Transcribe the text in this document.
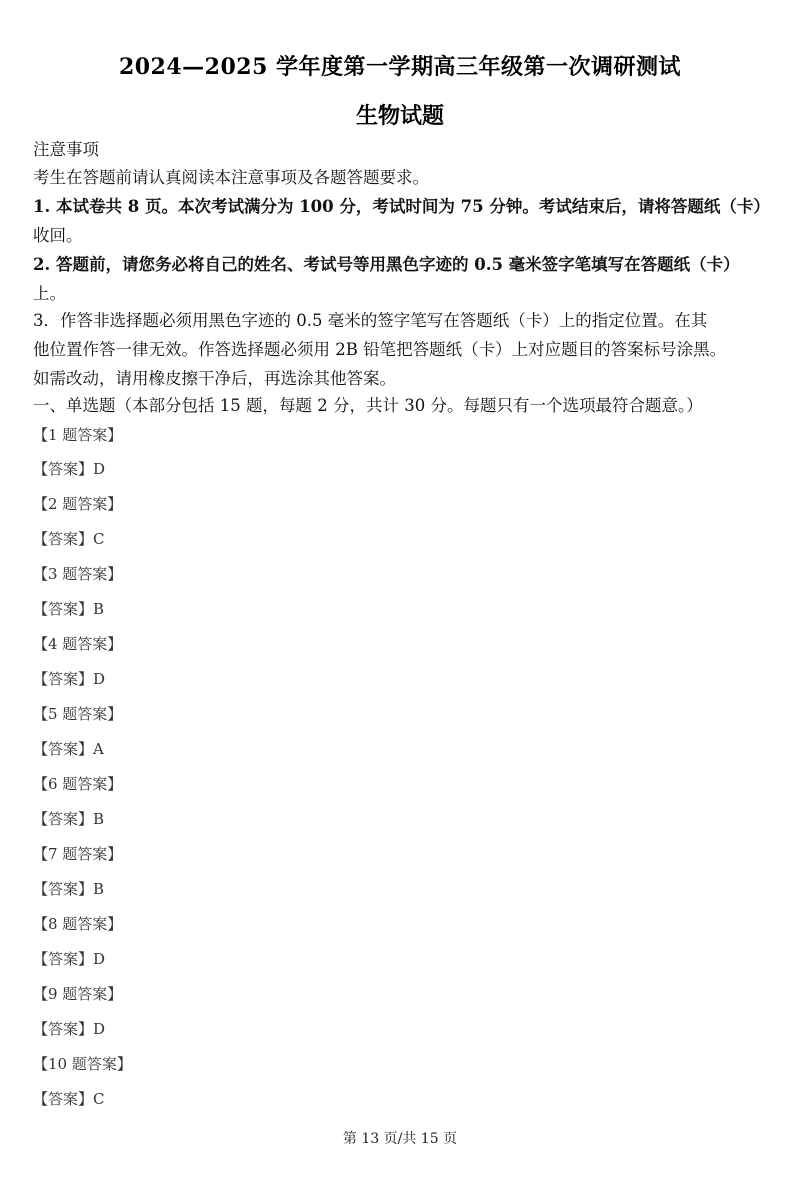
2024—2025 学年度第一学期高三年级第一次调研测试
生物试题
注意事项
考生在答题前请认真阅读本注意事项及各题答题要求。
1. 本试卷共 8 页。本次考试满分为 100 分，考试时间为 75 分钟。考试结束后，请将答题纸（卡）
收回。
2. 答题前，请您务必将自己的姓名、考试号等用黑色字迹的 0.5 毫米签字笔填写在答题纸（卡）
上。
3．作答非选择题必须用黑色字迹的 0.5 毫米的签字笔写在答题纸（卡）上的指定位置。在其
他位置作答一律无效。作答选择题必须用 2B 铅笔把答题纸（卡）上对应题目的答案标号涂黑。
如需改动，请用橡皮擦干净后，再选涂其他答案。
一、单选题（本部分包括 15 题，每题 2 分，共计 30 分。每题只有一个选项最符合题意。）
【1 题答案】
【答案】D
【2 题答案】
【答案】C
【3 题答案】
【答案】B
【4 题答案】
【答案】D
【5 题答案】
【答案】A
【6 题答案】
【答案】B
【7 题答案】
【答案】B
【8 题答案】
【答案】D
【9 题答案】
【答案】D
【10 题答案】
【答案】C
第 13 页/共 15 页
